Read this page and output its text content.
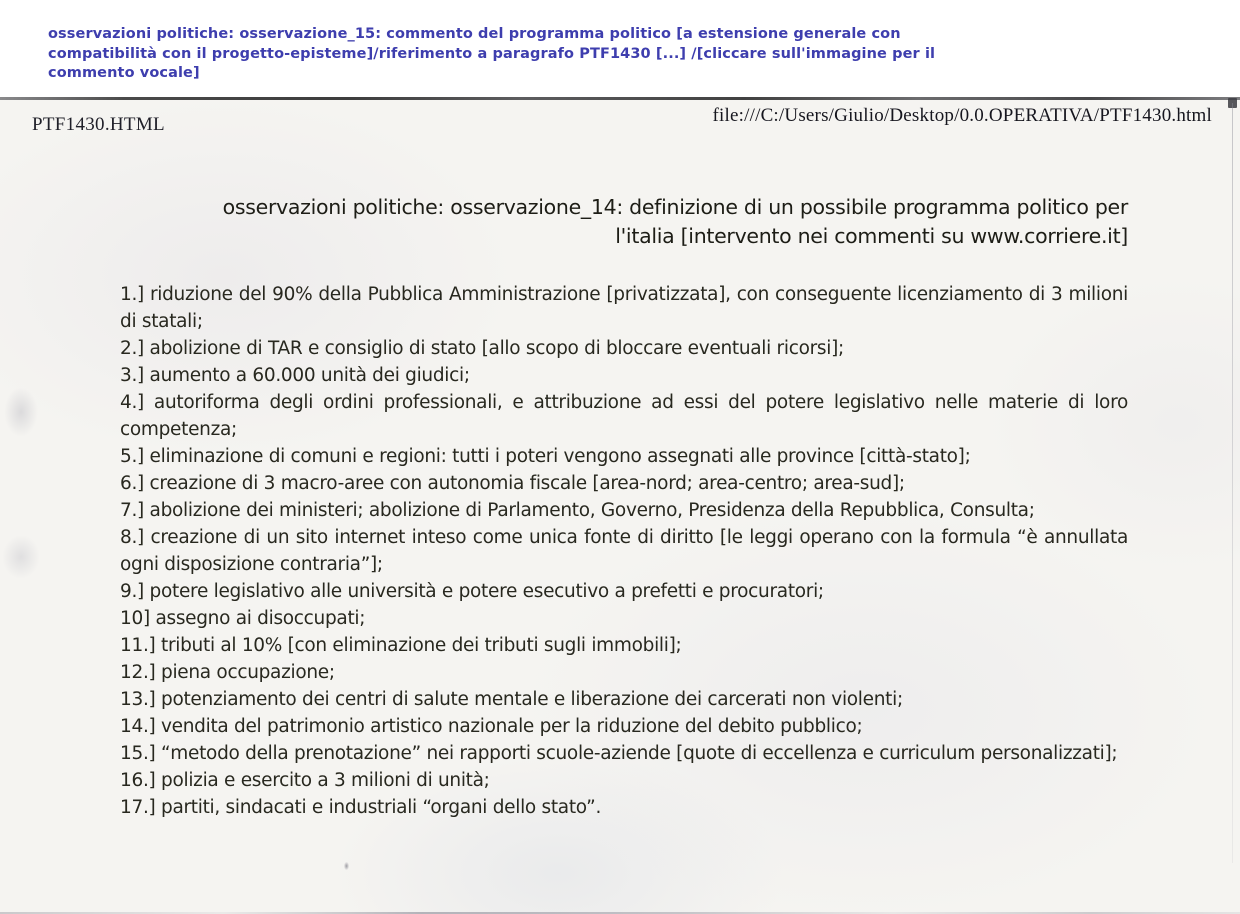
osservazioni politiche: osservazione_15: commento del programma politico [a estensione generale con
compatibilità con il progetto-episteme]/riferimento a paragrafo PTF1430 [...] /[cliccare sull'immagine per il
commento vocale]
PTF1430.HTML	file:///C:/Users/Giulio/Desktop/0.0.OPERATIVA/PTF1430.html
osservazioni politiche: osservazione_14: definizione di un possibile programma politico per
l'italia [intervento nei commenti su www.corriere.it]

1.] riduzione del 90% della Pubblica Amministrazione [privatizzata], con conseguente licenziamento di 3 milioni di statali;

2.] abolizione di TAR e consiglio di stato [allo scopo di bloccare eventuali ricorsi];

3.] aumento a 60.000 unità dei giudici;

4.] autoriforma degli ordini professionali, e attribuzione ad essi del potere legislativo nelle materie di loro competenza;

5.] eliminazione di comuni e regioni: tutti i poteri vengono assegnati alle province [città-stato];

6.] creazione di 3 macro-aree con autonomia fiscale [area-nord; area-centro; area-sud];

7.] abolizione dei ministeri; abolizione di Parlamento, Governo, Presidenza della Repubblica, Consulta;

8.] creazione di un sito internet inteso come unica fonte di diritto [le leggi operano con la formula “è annullata ogni disposizione contraria”];

9.] potere legislativo alle università e potere esecutivo a prefetti e procuratori;

10] assegno ai disoccupati;

11.] tributi al 10% [con eliminazione dei tributi sugli immobili];

12.] piena occupazione;

13.] potenziamento dei centri di salute mentale e liberazione dei carcerati non violenti;

14.] vendita del patrimonio artistico nazionale per la riduzione del debito pubblico;

15.] “metodo della prenotazione” nei rapporti scuole-aziende [quote di eccellenza e curriculum personalizzati];

16.] polizia e esercito a 3 milioni di unità;

17.] partiti, sindacati e industriali “organi dello stato”.
